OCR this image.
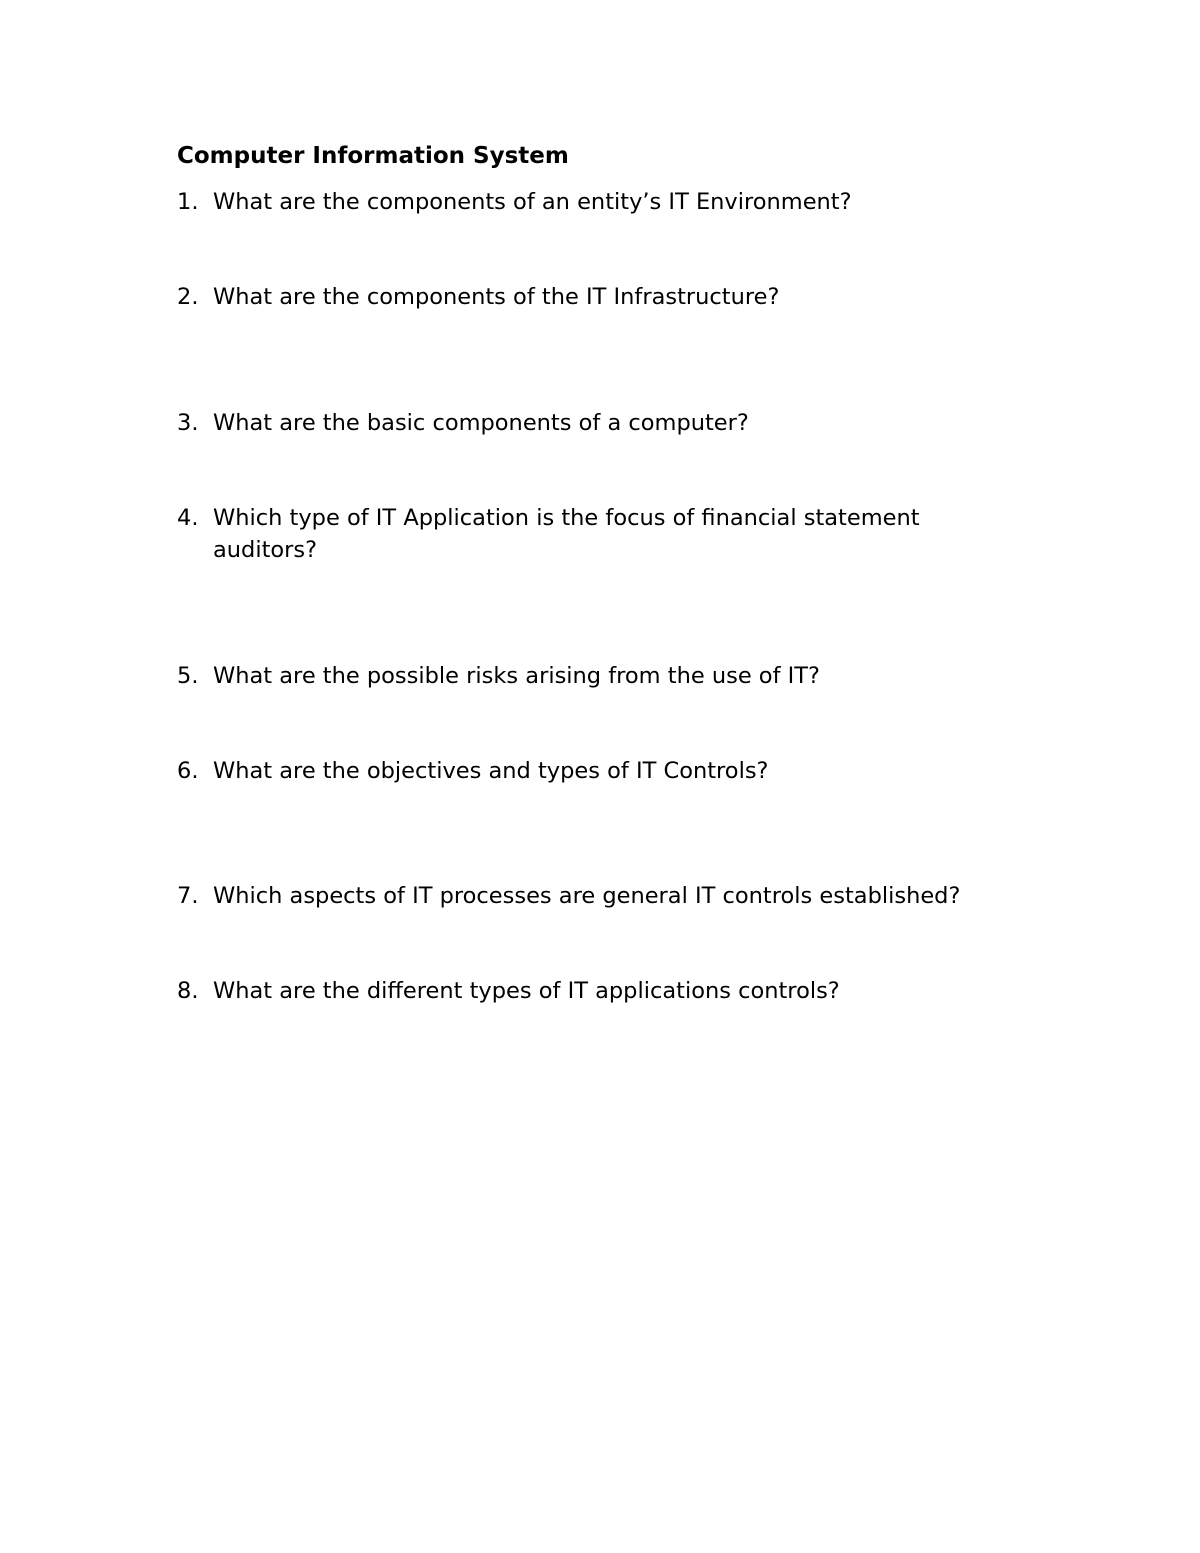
Computer Information System
1. What are the components of an entity’s IT Environment?
2. What are the components of the IT Infrastructure?
3. What are the basic components of a computer?
4. Which type of IT Application is the focus of financial statement auditors?
5. What are the possible risks arising from the use of IT?
6. What are the objectives and types of IT Controls?
7. Which aspects of IT processes are general IT controls established?
8. What are the different types of IT applications controls?
